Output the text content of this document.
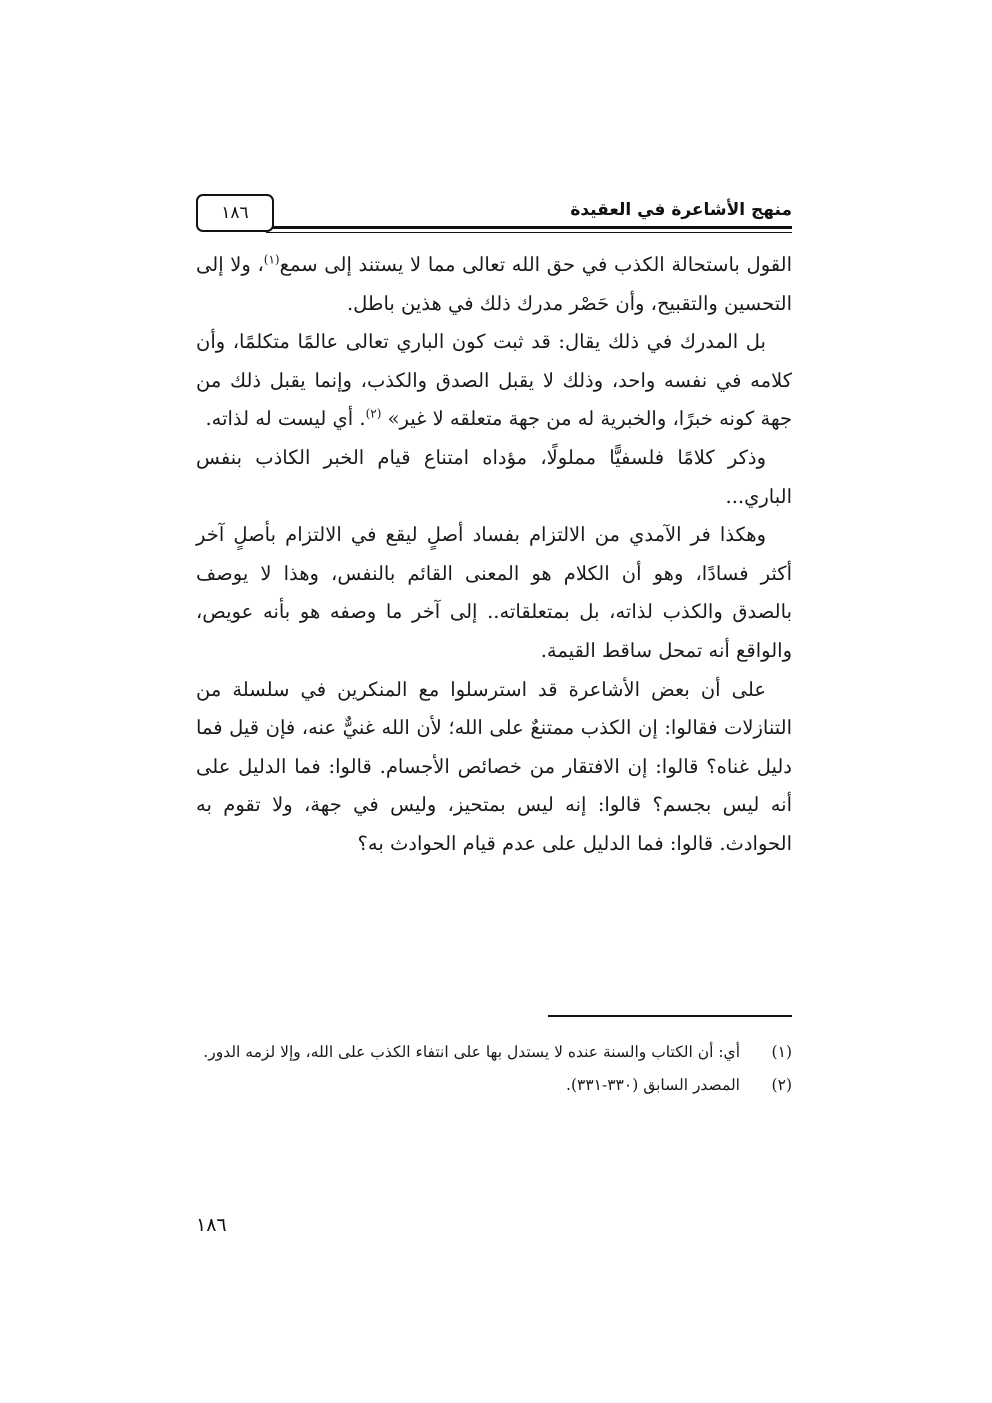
منهج الأشاعرة في العقيدة
١٨٦

القول باستحالة الكذب في حق الله تعالى مما لا يستند إلى سمع$^{(١)}$، ولا إلى التحسين والتقبيح، وأن حَصْر مدرك ذلك في هذين باطل.

بل المدرك في ذلك يقال: قد ثبت كون الباري تعالى عالمًا متكلمًا، وأن كلامه في نفسه واحد، وذلك لا يقبل الصدق والكذب، وإنما يقبل ذلك من جهة كونه خبرًا، والخبرية له من جهة متعلقه لا غير» $^{(٢)}$. أي ليست له لذاته.

وذكر كلامًا فلسفيًّا مملولًا، مؤداه امتناع قيام الخبر الكاذب بنفس الباري...

وهكذا فر الآمدي من الالتزام بفساد أصلٍ ليقع في الالتزام بأصلٍ آخر أكثر فسادًا، وهو أن الكلام هو المعنى القائم بالنفس، وهذا لا يوصف بالصدق والكذب لذاته، بل بمتعلقاته.. إلى آخر ما وصفه هو بأنه عويص، والواقع أنه تمحل ساقط القيمة.

على أن بعض الأشاعرة قد استرسلوا مع المنكرين في سلسلة من التنازلات فقالوا: إن الكذب ممتنعٌ على الله؛ لأن الله غنيٌّ عنه، فإن قيل فما دليل غناه؟ قالوا: إن الافتقار من خصائص الأجسام. قالوا: فما الدليل على أنه ليس بجسم؟ قالوا: إنه ليس بمتحيز، وليس في جهة، ولا تقوم به الحوادث. قالوا: فما الدليل على عدم قيام الحوادث به؟

(١)
أي: أن الكتاب والسنة عنده لا يستدل بها على انتفاء الكذب على الله، وإلا لزمه الدور.
(٢)
المصدر السابق (٣٣٠-٣٣١).
١٨٦
